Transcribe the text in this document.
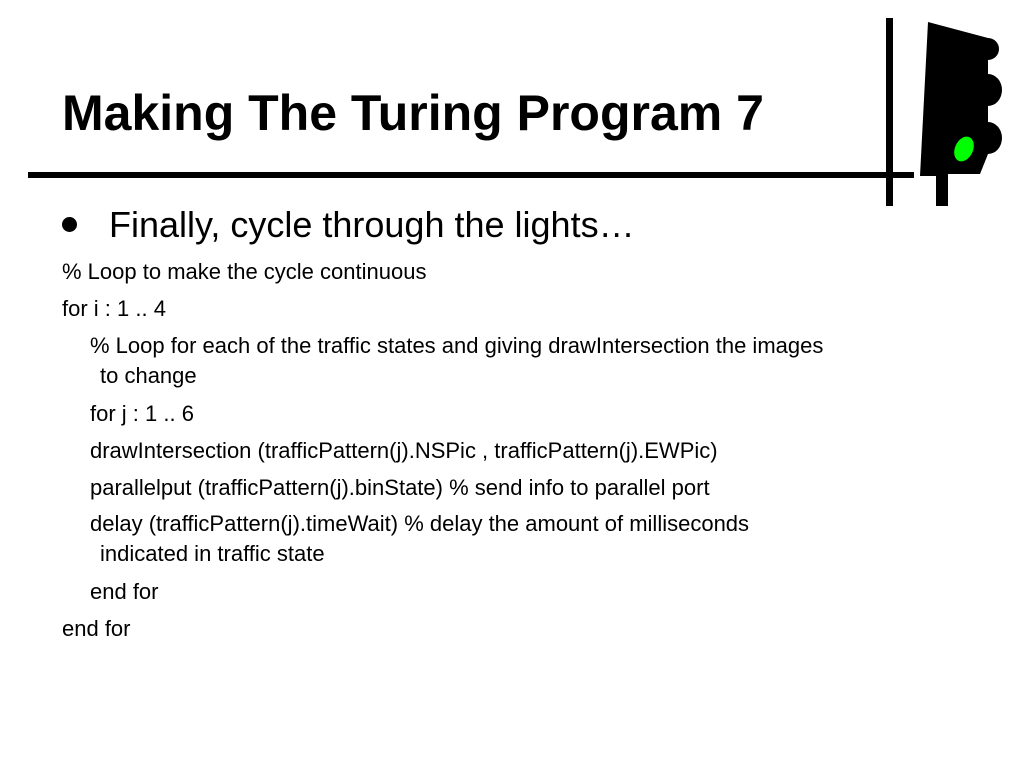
Making The Turing Program 7
Finally, cycle through the lights…
% Loop to make the cycle continuous
for i : 1 .. 4
% Loop for each of the traffic states and giving drawIntersection the images
to change
for j : 1 .. 6
drawIntersection (trafficPattern(j).NSPic , trafficPattern(j).EWPic)
parallelput (trafficPattern(j).binState) % send info to parallel port
delay (trafficPattern(j).timeWait) % delay the amount of milliseconds
indicated in traffic state
end for
end for
